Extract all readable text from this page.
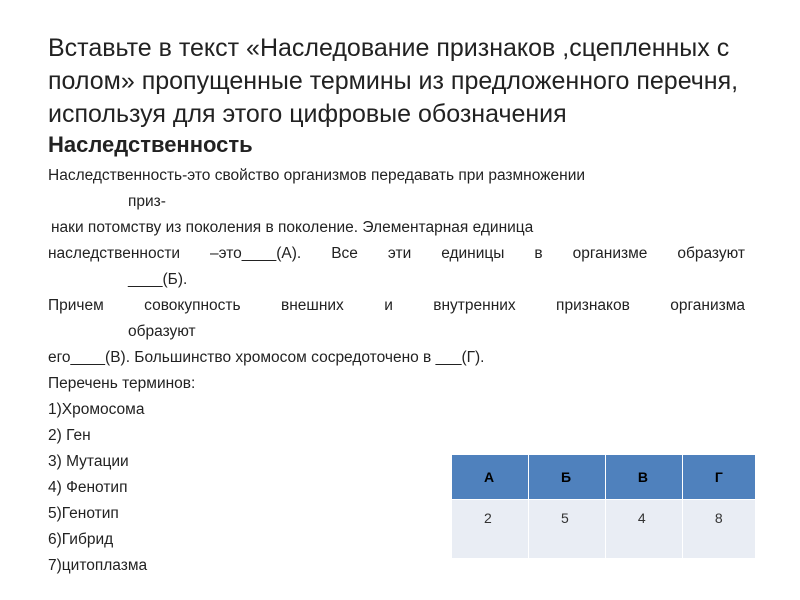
Вставьте в текст «Наследование признаков ,сцепленных с полом» пропущенные термины из предложенного перечня, используя для этого цифровые обозначения
Наследственность
Наследственность-это свойство организмов передавать при размножении
приз-
наки потомству из поколения в поколение. Элементарная единица
наследственности –это____(А). Все эти единицы в организме образуют
____(Б).
Причем совокупность внешних и внутренних признаков организма
образуют
его____(В). Большинство хромосом сосредоточено в ___(Г).
Перечень терминов:
1)Хромосома
2) Ген
3) Мутации
4) Фенотип
5)Генотип
6)Гибрид
7)цитоплазма
А	Б	В	Г
2	5	4	8
